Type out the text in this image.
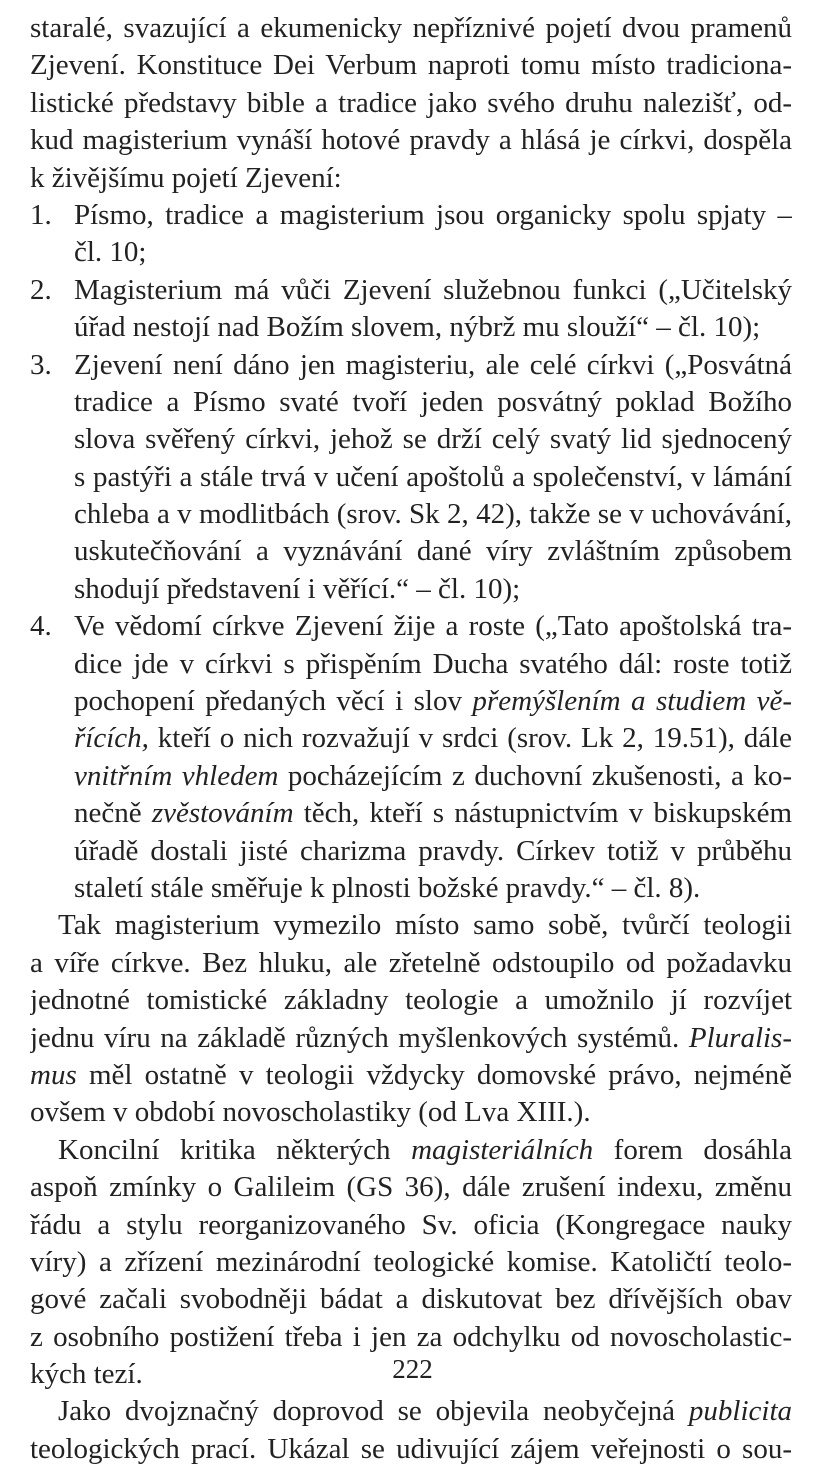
staralé, svazující a ekumenicky nepříznivé pojetí dvou pramenů
Zjevení. Konstituce Dei Verbum naproti tomu místo tradiciona-
listické představy bible a tradice jako svého druhu nalezišť, od-
kud magisterium vynáší hotové pravdy a hlásá je církvi, dospěla
k živějšímu pojetí Zjevení:
1. Písmo, tradice a magisterium jsou organicky spolu spjaty –
čl. 10;
2. Magisterium má vůči Zjevení služebnou funkci („Učitelský
úřad nestojí nad Božím slovem, nýbrž mu slouží“ – čl. 10);
3. Zjevení není dáno jen magisteriu, ale celé církvi („Posvátná
tradice a Písmo svaté tvoří jeden posvátný poklad Božího
slova svěřený církvi, jehož se drží celý svatý lid sjednocený
s pastýři a stále trvá v učení apoštolů a společenství, v lámání
chleba a v modlitbách (srov. Sk 2, 42), takže se v uchovávání,
uskutečňování a vyznávání dané víry zvláštním způsobem
shodují představení i věřící.“ – čl. 10);
4. Ve vědomí církve Zjevení žije a roste („Tato apoštolská tra-
dice jde v církvi s přispěním Ducha svatého dál: roste totiž
pochopení předaných věcí i slov přemýšlením a studiem vě-
řících, kteří o nich rozvažují v srdci (srov. Lk 2, 19.51), dále
vnitřním vhledem pocházejícím z duchovní zkušenosti, a ko-
nečně zvěstováním těch, kteří s nástupnictvím v biskupském
úřadě dostali jisté charizma pravdy. Církev totiž v průběhu
staletí stále směřuje k plnosti božské pravdy.“ – čl. 8).
Tak magisterium vymezilo místo samo sobě, tvůrčí teologii
a víře církve. Bez hluku, ale zřetelně odstoupilo od požadavku
jednotné tomistické základny teologie a umožnilo jí rozvíjet
jednu víru na základě různých myšlenkových systémů. Pluralis-
mus měl ostatně v teologii vždycky domovské právo, nejméně
ovšem v období novoscholastiky (od Lva XIII.).
Koncilní kritika některých magisteriálních forem dosáhla
aspoň zmínky o Galileim (GS 36), dále zrušení indexu, změnu
řádu a stylu reorganizovaného Sv. oficia (Kongregace nauky
víry) a zřízení mezinárodní teologické komise. Katoličtí teolo-
gové začali svobodněji bádat a diskutovat bez dřívějších obav
z osobního postižení třeba i jen za odchylku od novoscholastic-
kých tezí.
Jako dvojznačný doprovod se objevila neobyčejná publicita
teologických prací. Ukázal se udivující zájem veřejnosti o sou-
222
